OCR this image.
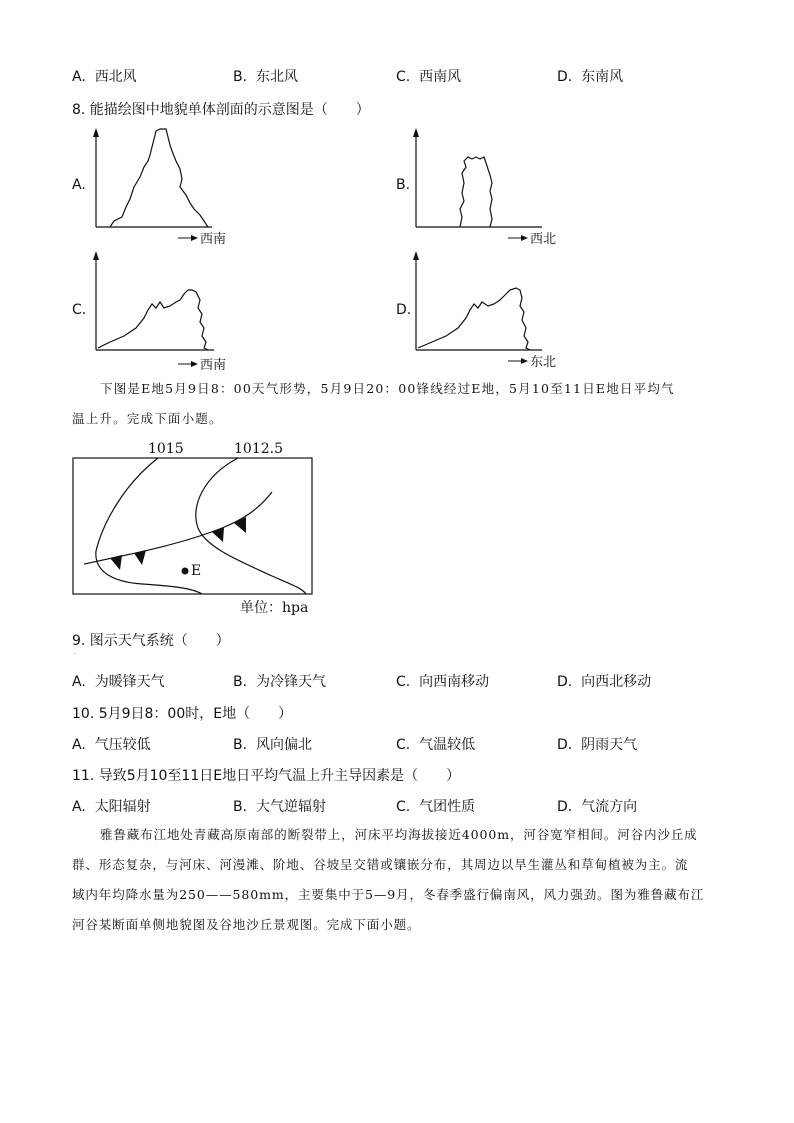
A. 西北风	B. 东北风	C. 西南风	D. 东南风
8. 能描绘图中地貌单体剖面的示意图是（　　）
A.
西南
B.
西北
C.
西南
D.
东北

下图是E地5月9日8：00天气形势，5月9日20：00锋线经过E地，5月10至11日E地日平均气

温上升。完成下面小题。

1015	1012.5
E
单位：hpa
9. 图示天气系统（　　）
·
A. 为暖锋天气	B. 为冷锋天气	C. 向西南移动	D. 向西北移动
10. 5月9日8：00时，E地（　　）
A. 气压较低	B. 风向偏北	C. 气温较低	D. 阴雨天气
11. 导致5月10至11日E地日平均气温上升主导因素是（　　）
A. 太阳辐射	B. 大气逆辐射	C. 气团性质	D. 气流方向

雅鲁藏布江地处青藏高原南部的断裂带上，河床平均海拔接近4000m，河谷宽窄相间。河谷内沙丘成

群、形态复杂，与河床、河漫滩、阶地、谷坡呈交错或镶嵌分布，其周边以旱生灌丛和草甸植被为主。流

域内年均降水量为250——580mm，主要集中于5—9月，冬春季盛行偏南风，风力强劲。图为雅鲁藏布江

河谷某断面单侧地貌图及谷地沙丘景观图。完成下面小题。
